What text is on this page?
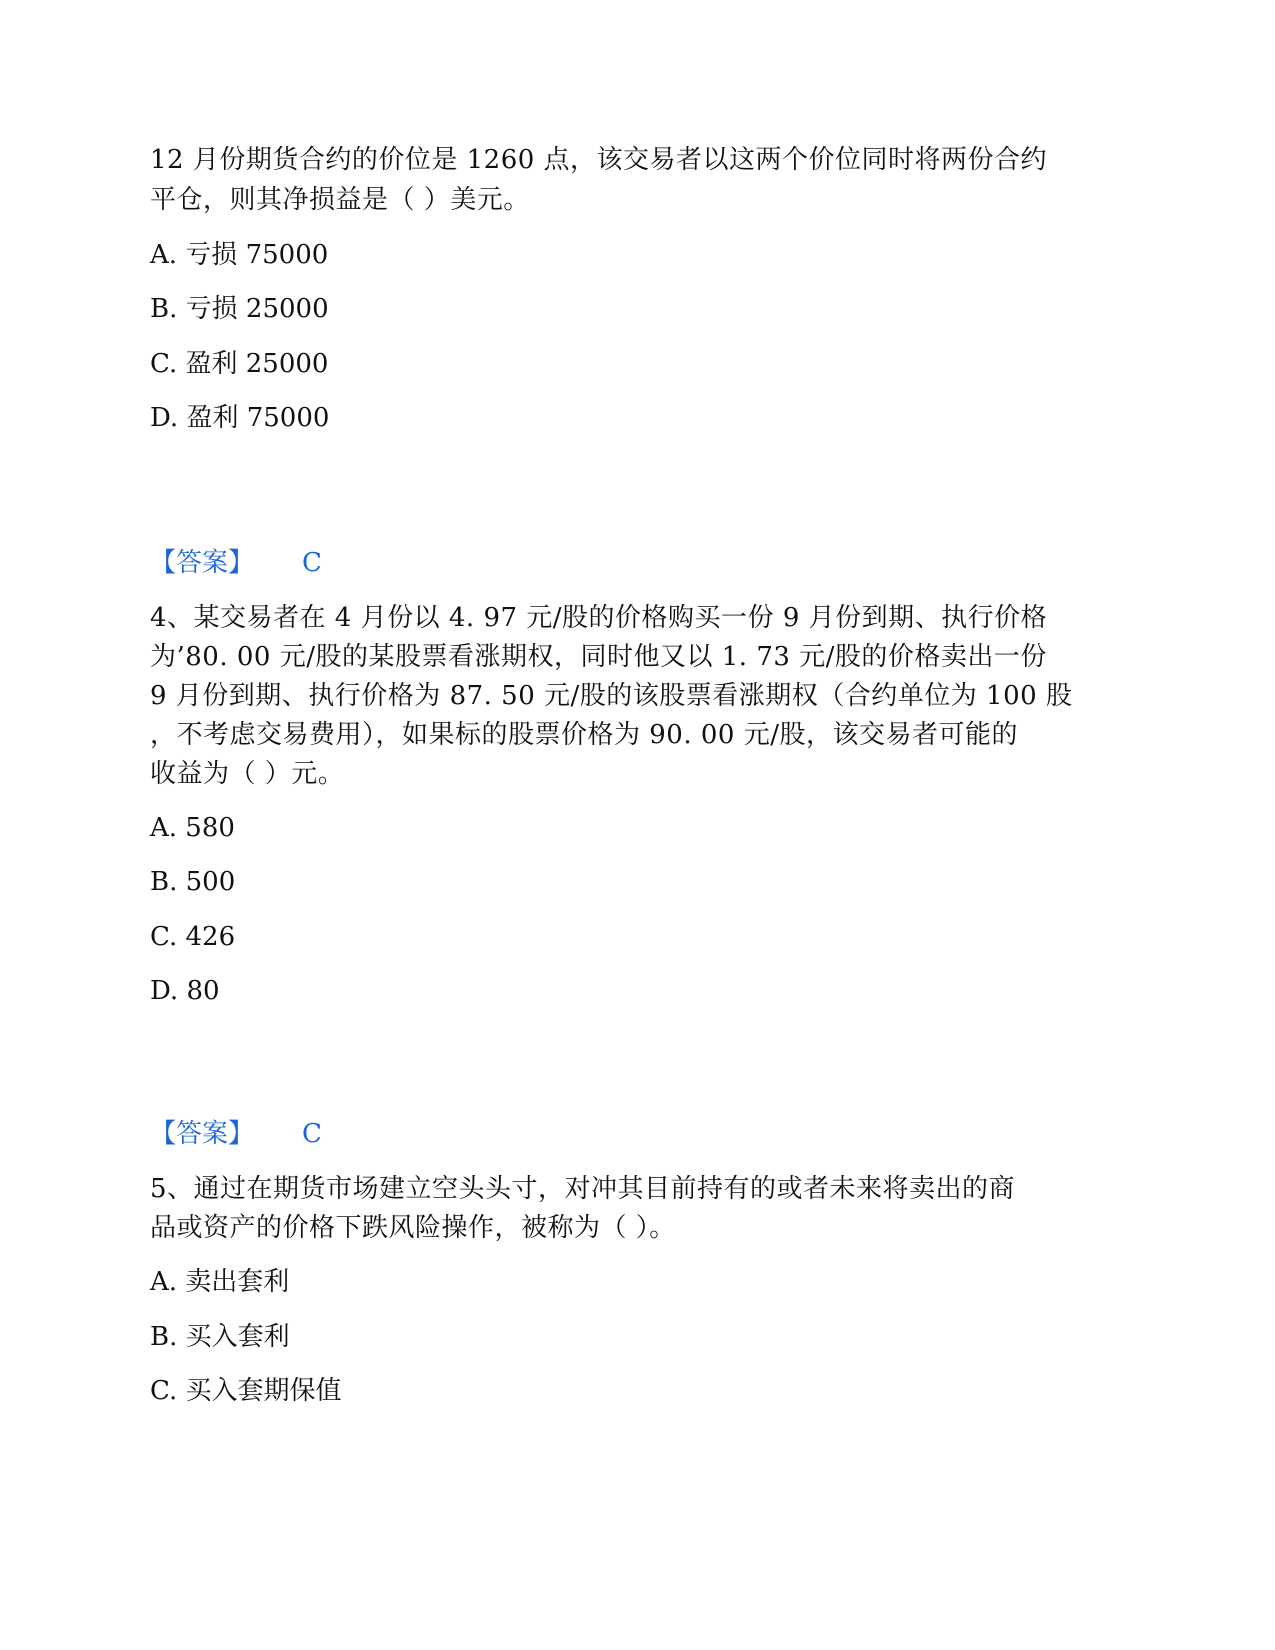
12 月份期货合约的价位是 1260 点，该交易者以这两个价位同时将两份合约

平仓，则其净损益是（ ）美元。

A. 亏损 75000

B. 亏损 25000

C. 盈利 25000

D. 盈利 75000

【答案】 C

4、某交易者在 4 月份以 4. 97 元/股的价格购买一份 9 月份到期、执行价格

为’80. 00 元/股的某股票看涨期权，同时他又以 1. 73 元/股的价格卖出一份

9 月份到期、执行价格为 87. 50 元/股的该股票看涨期权（合约单位为 100 股

，不考虑交易费用），如果标的股票价格为 90. 00 元/股，该交易者可能的

收益为（ ）元。

A. 580

B. 500

C. 426

D. 80

【答案】 C

5、通过在期货市场建立空头头寸，对冲其目前持有的或者未来将卖出的商

品或资产的价格下跌风险操作，被称为（ ）。

A. 卖出套利

B. 买入套利

C. 买入套期保值
